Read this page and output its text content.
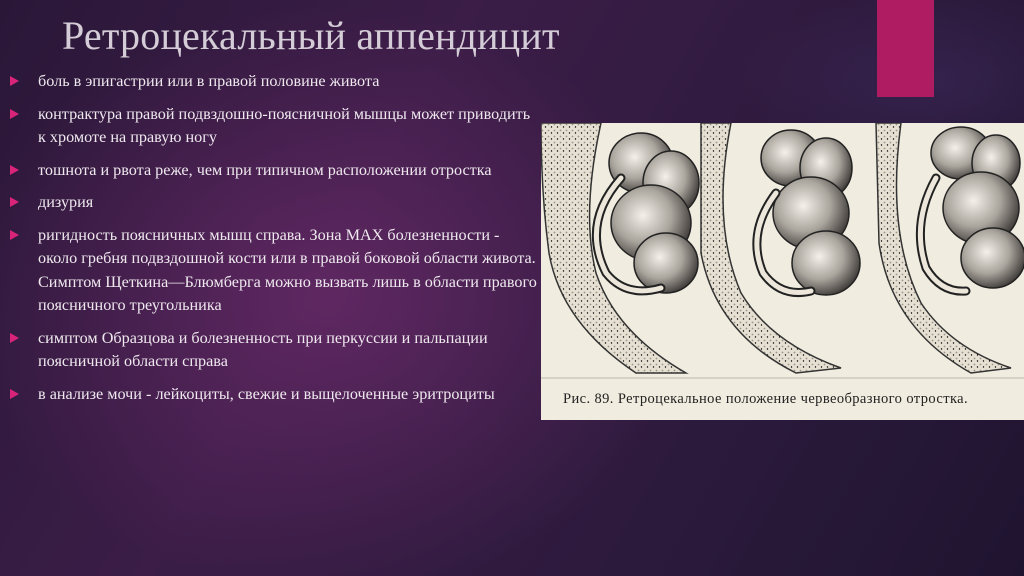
Ретроцекальный аппендицит
боль в эпигастрии или в правой половине живота
контрактура правой подвздошно-поясничной мышцы может приводить к хромоте на правую ногу
тошнота и рвота реже, чем при типичном расположении отростка
дизурия
ригидность поясничных мышц справа. Зона МАХ болезненности - около гребня подвздошной кости или в правой боковой области живота. Симптом Щеткина—Блюмберга можно вызвать лишь в области правого поясничного треугольника
симптом Образцова и болезненность при перкуссии и пальпации поясничной области справа
в анализе мочи - лейкоциты, свежие и выщелоченные эритроциты	Рис. 89. Ретроцекальное положение червеобразного отростка.
